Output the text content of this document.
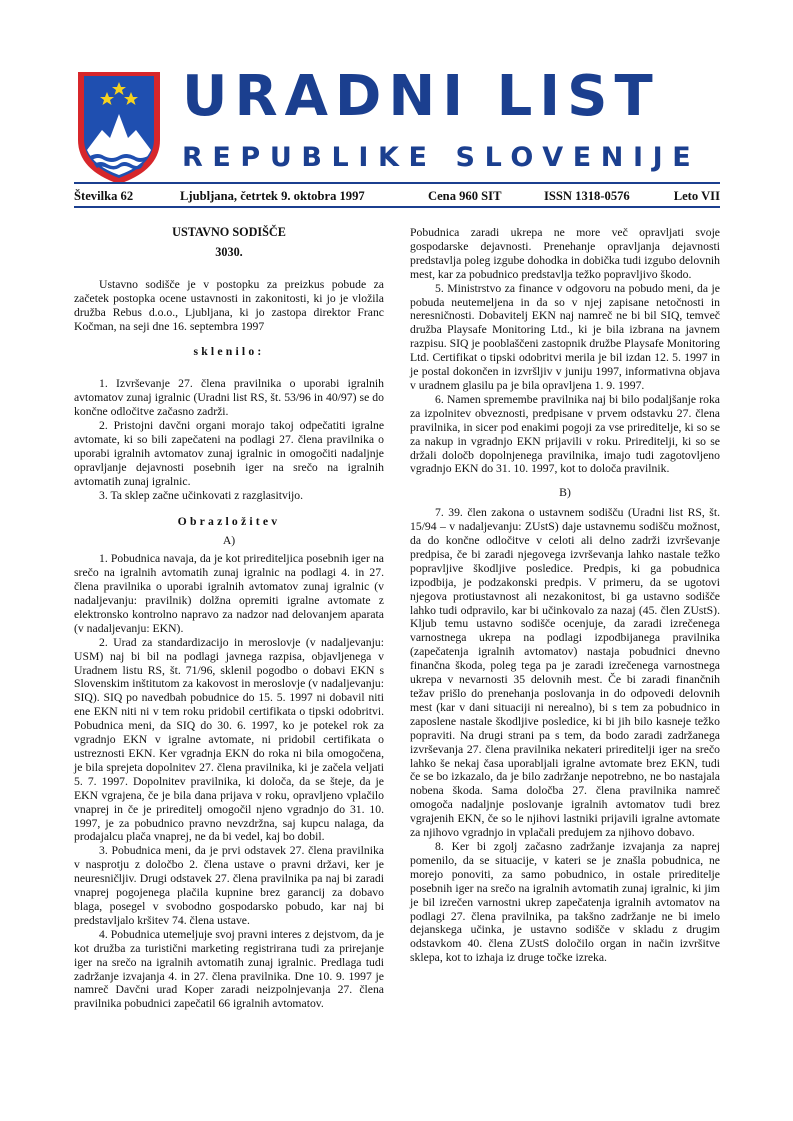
URADNI LIST
REPUBLIKE SLOVENIJE
Številka 62	Ljubljana, četrtek 9. oktobra 1997	Cena 960 SIT	ISSN 1318-0576	Leto VII
USTAVNO SODIŠČE
3030.

Ustavno sodišče je v postopku za preizkus pobude za začetek postopka ocene ustavnosti in zakonitosti, ki jo je vložila družba Rebus d.o.o., Ljubljana, ki jo zastopa direktor Franc Kočman, na seji dne 16. septembra 1997

sklenilo:

1. Izvrševanje 27. člena pravilnika o uporabi igralnih avtomatov zunaj igralnic (Uradni list RS, št. 53/96 in 40/97) se do končne odločitve začasno zadrži.

2. Pristojni davčni organi morajo takoj odpečatiti igralne avtomate, ki so bili zapečateni na podlagi 27. člena pravilnika o uporabi igralnih avtomatov zunaj igralnic in omogočiti nadaljnje opravljanje dejavnosti posebnih iger na srečo na igralnih avtomatih zunaj igralnic.

3. Ta sklep začne učinkovati z razglasitvijo.

Obrazložitev
A)

1. Pobudnica navaja, da je kot prirediteljica posebnih iger na srečo na igralnih avtomatih zunaj igralnic na podlagi 4. in 27. člena pravilnika o uporabi igralnih avtomatov zunaj igralnic (v nadaljevanju: pravilnik) dolžna opremiti igralne avtomate z elektronsko kontrolno napravo za nadzor nad delovanjem aparata (v nadaljevanju: EKN).

2. Urad za standardizacijo in meroslovje (v nadaljevanju: USM) naj bi bil na podlagi javnega razpisa, objavljenega v Uradnem listu RS, št. 71/96, sklenil pogodbo o dobavi EKN s Slovenskim inštitutom za kakovost in meroslovje (v nadaljevanju: SIQ). SIQ po navedbah pobudnice do 15. 5. 1997 ni dobavil niti ene EKN niti ni v tem roku pridobil certifikata o tipski odobritvi. Pobudnica meni, da SIQ do 30. 6. 1997, ko je potekel rok za vgradnjo EKN v igralne avtomate, ni pridobil certifikata o ustreznosti EKN. Ker vgradnja EKN do roka ni bila omogočena, je bila sprejeta dopolnitev 27. člena pravilnika, ki je začela veljati 5. 7. 1997. Dopolnitev pravilnika, ki določa, da se šteje, da je EKN vgrajena, če je bila dana prijava v roku, opravljeno vplačilo vnaprej in če je prireditelj omogočil njeno vgradnjo do 31. 10. 1997, je za pobudnico pravno nevzdržna, saj kupcu nalaga, da prodajalcu plača vnaprej, ne da bi vedel, kaj bo dobil.

3. Pobudnica meni, da je prvi odstavek 27. člena pravilnika v nasprotju z določbo 2. člena ustave o pravni državi, ker je neuresničljiv. Drugi odstavek 27. člena pravilnika pa naj bi zaradi vnaprej pogojenega plačila kupnine brez garancij za dobavo blaga, posegel v svobodno gospodarsko pobudo, kar naj bi predstavljalo kršitev 74. člena ustave.

4. Pobudnica utemeljuje svoj pravni interes z dejstvom, da je kot družba za turistični marketing registrirana tudi za prirejanje iger na srečo na igralnih avtomatih zunaj igralnic. Predlaga tudi zadržanje izvajanja 4. in 27. člena pravilnika. Dne 10. 9. 1997 je namreč Davčni urad Koper zaradi neizpolnjevanja 27. člena pravilnika pobudnici zapečatil 66 igralnih avtomatov.

Pobudnica zaradi ukrepa ne more več opravljati svoje gospodarske dejavnosti. Prenehanje opravljanja dejavnosti predstavlja poleg izgube dohodka in dobička tudi izgubo delovnih mest, kar za pobudnico predstavlja težko popravljivo škodo.

5. Ministrstvo za finance v odgovoru na pobudo meni, da je pobuda neutemeljena in da so v njej zapisane netočnosti in neresničnosti. Dobavitelj EKN naj namreč ne bi bil SIQ, temveč družba Playsafe Monitoring Ltd., ki je bila izbrana na javnem razpisu. SIQ je pooblaščeni zastopnik družbe Playsafe Monitoring Ltd. Certifikat o tipski odobritvi merila je bil izdan 12. 5. 1997 in je postal dokončen in izvršljiv v juniju 1997, informativna objava v uradnem glasilu pa je bila opravljena 1. 9. 1997.

6. Namen spremembe pravilnika naj bi bilo podaljšanje roka za izpolnitev obveznosti, predpisane v prvem odstavku 27. člena pravilnika, in sicer pod enakimi pogoji za vse prireditelje, ki so se za nakup in vgradnjo EKN prijavili v roku. Prireditelji, ki so se držali določb dopolnjenega pravilnika, imajo tudi zagotovljeno vgradnjo EKN do 31. 10. 1997, kot to določa pravilnik.

B)

7. 39. člen zakona o ustavnem sodišču (Uradni list RS, št. 15/94 – v nadaljevanju: ZUstS) daje ustavnemu sodišču možnost, da do končne odločitve v celoti ali delno zadrži izvrševanje predpisa, če bi zaradi njegovega izvrševanja lahko nastale težko popravljive škodljive posledice. Predpis, ki ga pobudnica izpodbija, je podzakonski predpis. V primeru, da se ugotovi njegova protiustavnost ali nezakonitost, bi ga ustavno sodišče lahko tudi odpravilo, kar bi učinkovalo za nazaj (45. člen ZUstS). Kljub temu ustavno sodišče ocenjuje, da zaradi izrečenega varnostnega ukrepa na podlagi izpodbijanega pravilnika (zapečatenja igralnih avtomatov) nastaja pobudnici dnevno finančna škoda, poleg tega pa je zaradi izrečenega varnostnega ukrepa v nevarnosti 35 delovnih mest. Če bi zaradi finančnih težav prišlo do prenehanja poslovanja in do odpovedi delovnih mest (kar v dani situaciji ni nerealno), bi s tem za pobudnico in zaposlene nastale škodljive posledice, ki bi jih bilo kasneje težko popraviti. Na drugi strani pa s tem, da bodo zaradi zadržanega izvrševanja 27. člena pravilnika nekateri prireditelji iger na srečo lahko še nekaj časa uporabljali igralne avtomate brez EKN, tudi če se bo izkazalo, da je bilo zadržanje nepotrebno, ne bo nastajala nobena škoda. Sama določba 27. člena pravilnika namreč omogoča nadaljnje poslovanje igralnih avtomatov tudi brez vgrajenih EKN, če so le njihovi lastniki prijavili igralne avtomate za njihovo vgradnjo in vplačali predujem za njihovo dobavo.

8. Ker bi zgolj začasno zadržanje izvajanja za naprej pomenilo, da se situacije, v kateri se je znašla pobudnica, ne morejo ponoviti, za samo pobudnico, in ostale prireditelje posebnih iger na srečo na igralnih avtomatih zunaj igralnic, ki jim je bil izrečen varnostni ukrep zapečatenja igralnih avtomatov na podlagi 27. člena pravilnika, pa takšno zadržanje ne bi imelo dejanskega učinka, je ustavno sodišče v skladu z drugim odstavkom 40. člena ZUstS določilo organ in način izvršitve sklepa, kot to izhaja iz druge točke izreka.
